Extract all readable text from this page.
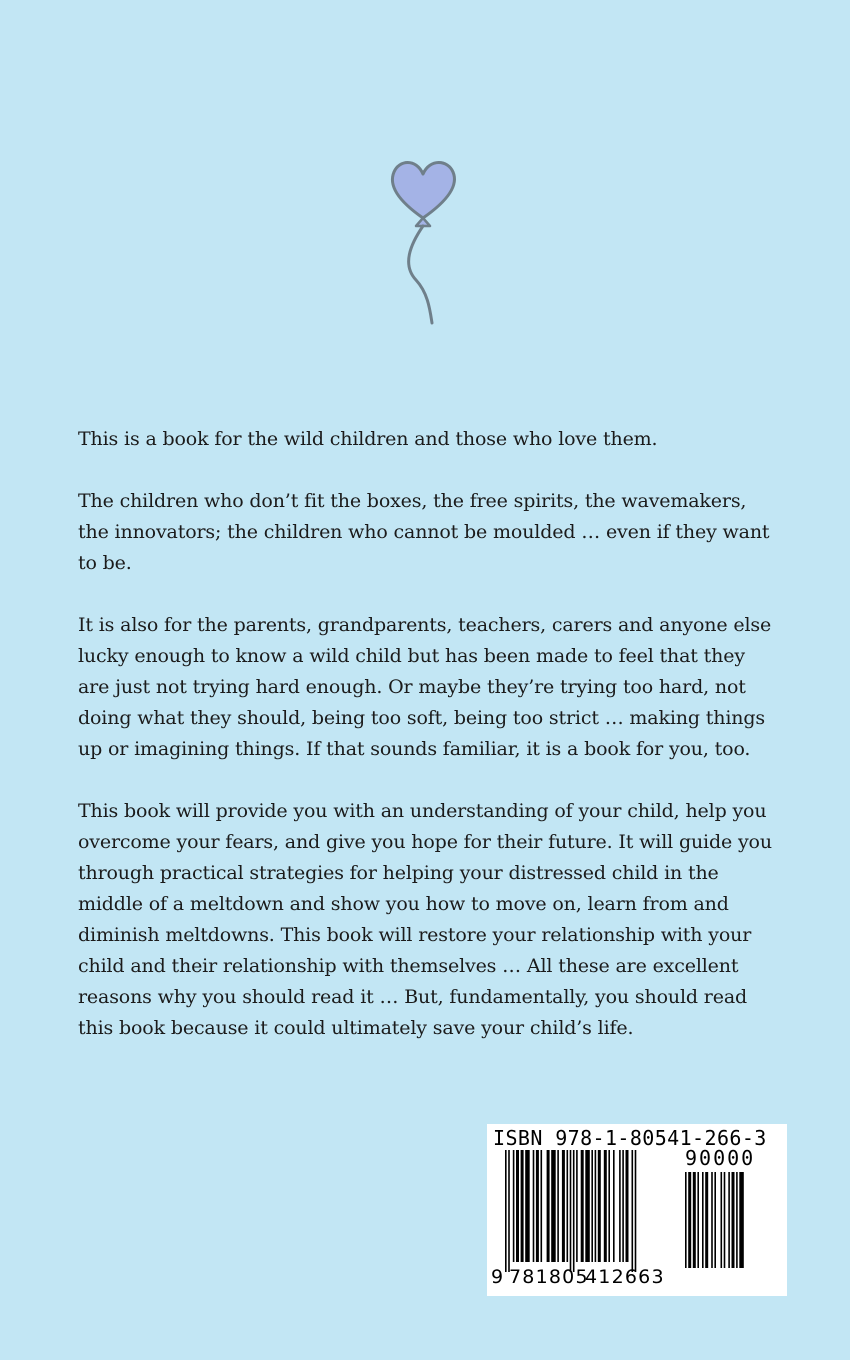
This is a book for the wild children and those who love them.

The children who don’t fit the boxes, the free spirits, the wavemakers, the innovators; the children who cannot be moulded … even if they want to be.

It is also for the parents, grandparents, teachers, carers and anyone else lucky enough to know a wild child but has been made to feel that they are just not trying hard enough. Or maybe they’re trying too hard, not doing what they should, being too soft, being too strict … making things up or imagining things. If that sounds familiar, it is a book for you, too.

This book will provide you with an understanding of your child, help you overcome your fears, and give you hope for their future. It will guide you through practical strategies for helping your distressed child in the middle of a meltdown and show you how to move on, learn from and diminish meltdowns. This book will restore your relationship with your child and their relationship with themselves … All these are excellent reasons why you should read it … But, fundamentally, you should read this book because it could ultimately save your child’s life.

ISBN 978-1-80541-266-3
90000
9 781805
412663
